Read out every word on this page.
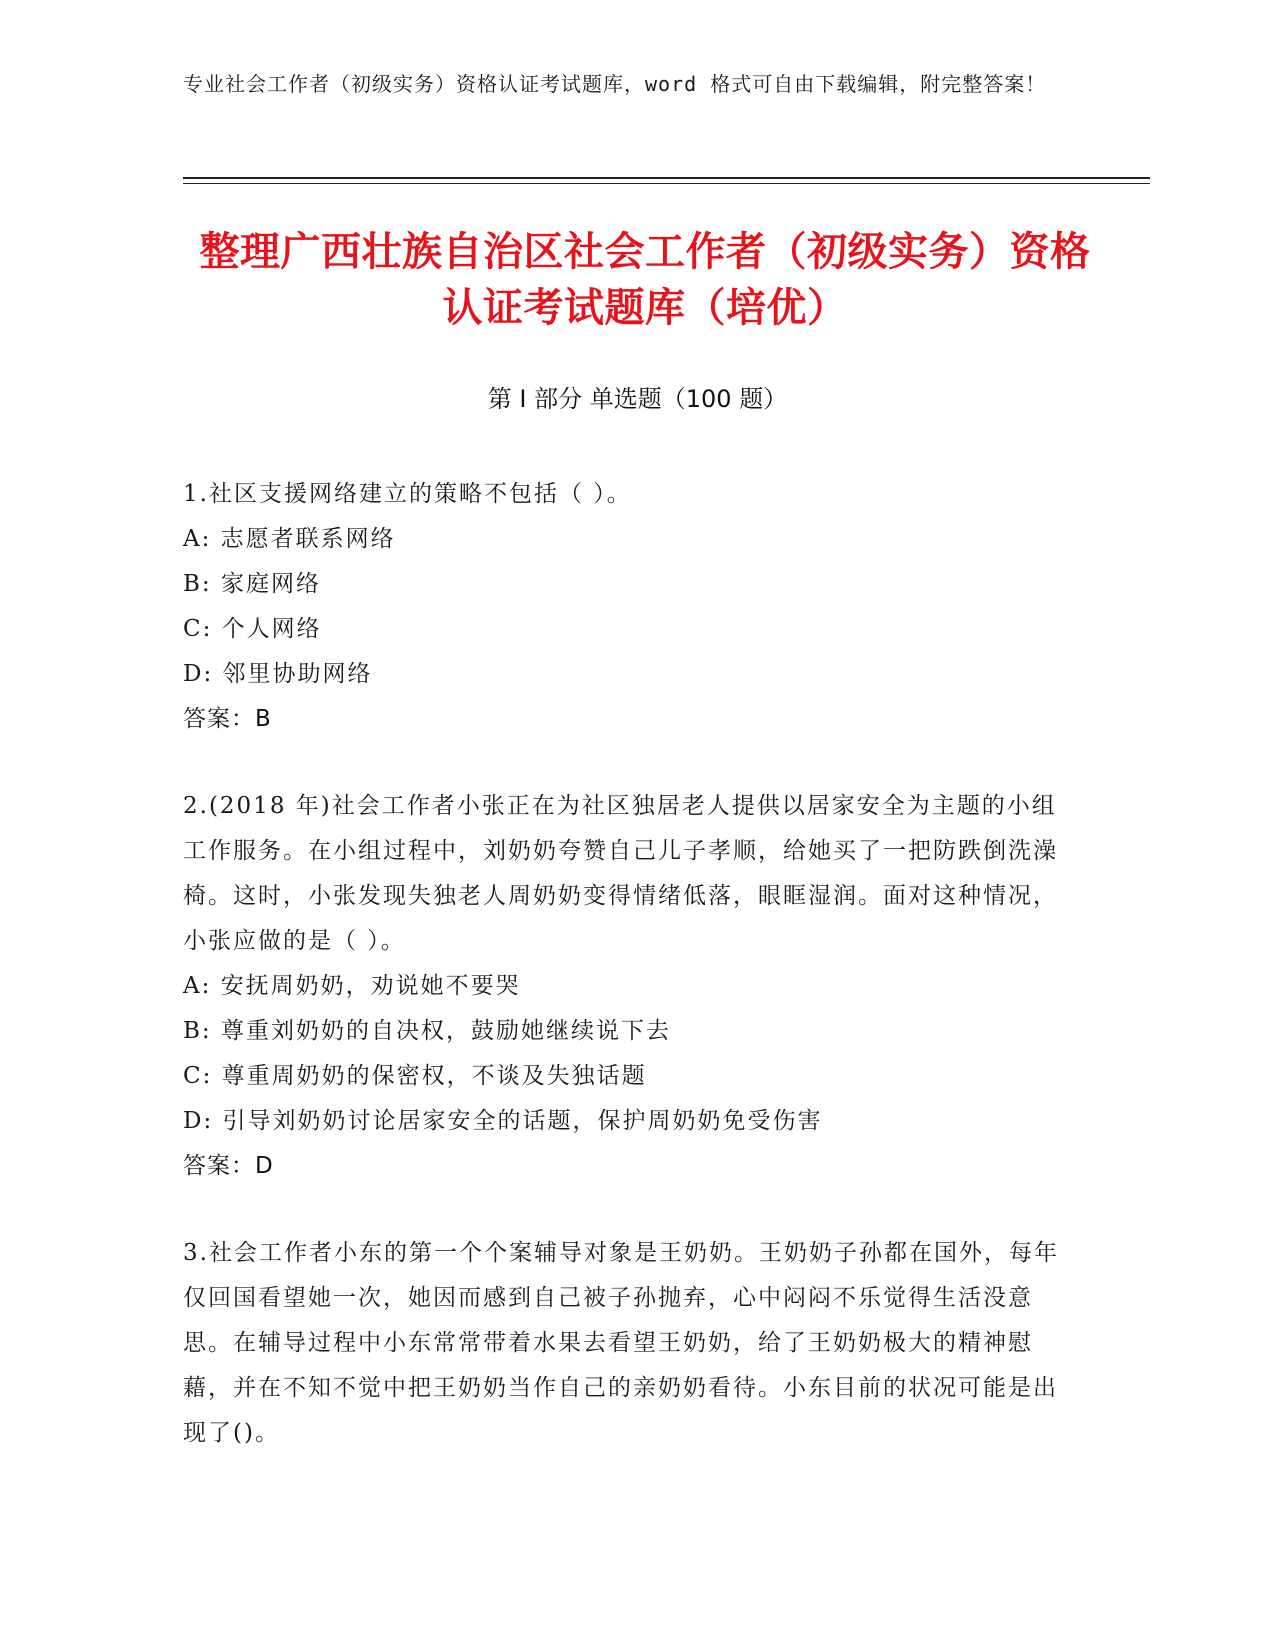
专业社会工作者（初级实务）资格认证考试题库，word 格式可自由下载编辑，附完整答案！
整理广西壮族自治区社会工作者（初级实务）资格认证考试题库（培优）
第 I 部分 单选题（100 题）
1.社区支援网络建立的策略不包括（ ）。
A: 志愿者联系网络
B: 家庭网络
C: 个人网络
D: 邻里协助网络
答案：B
2.(2018 年)社会工作者小张正在为社区独居老人提供以居家安全为主题的小组工作服务。在小组过程中，刘奶奶夸赞自己儿子孝顺，给她买了一把防跌倒洗澡椅。这时，小张发现失独老人周奶奶变得情绪低落，眼眶湿润。面对这种情况，小张应做的是（ ）。
A: 安抚周奶奶，劝说她不要哭
B: 尊重刘奶奶的自决权，鼓励她继续说下去
C: 尊重周奶奶的保密权，不谈及失独话题
D: 引导刘奶奶讨论居家安全的话题，保护周奶奶免受伤害
答案：D
3.社会工作者小东的第一个个案辅导对象是王奶奶。王奶奶子孙都在国外，每年仅回国看望她一次，她因而感到自己被子孙抛弃，心中闷闷不乐觉得生活没意思。在辅导过程中小东常常带着水果去看望王奶奶，给了王奶奶极大的精神慰藉，并在不知不觉中把王奶奶当作自己的亲奶奶看待。小东目前的状况可能是出现了()。
